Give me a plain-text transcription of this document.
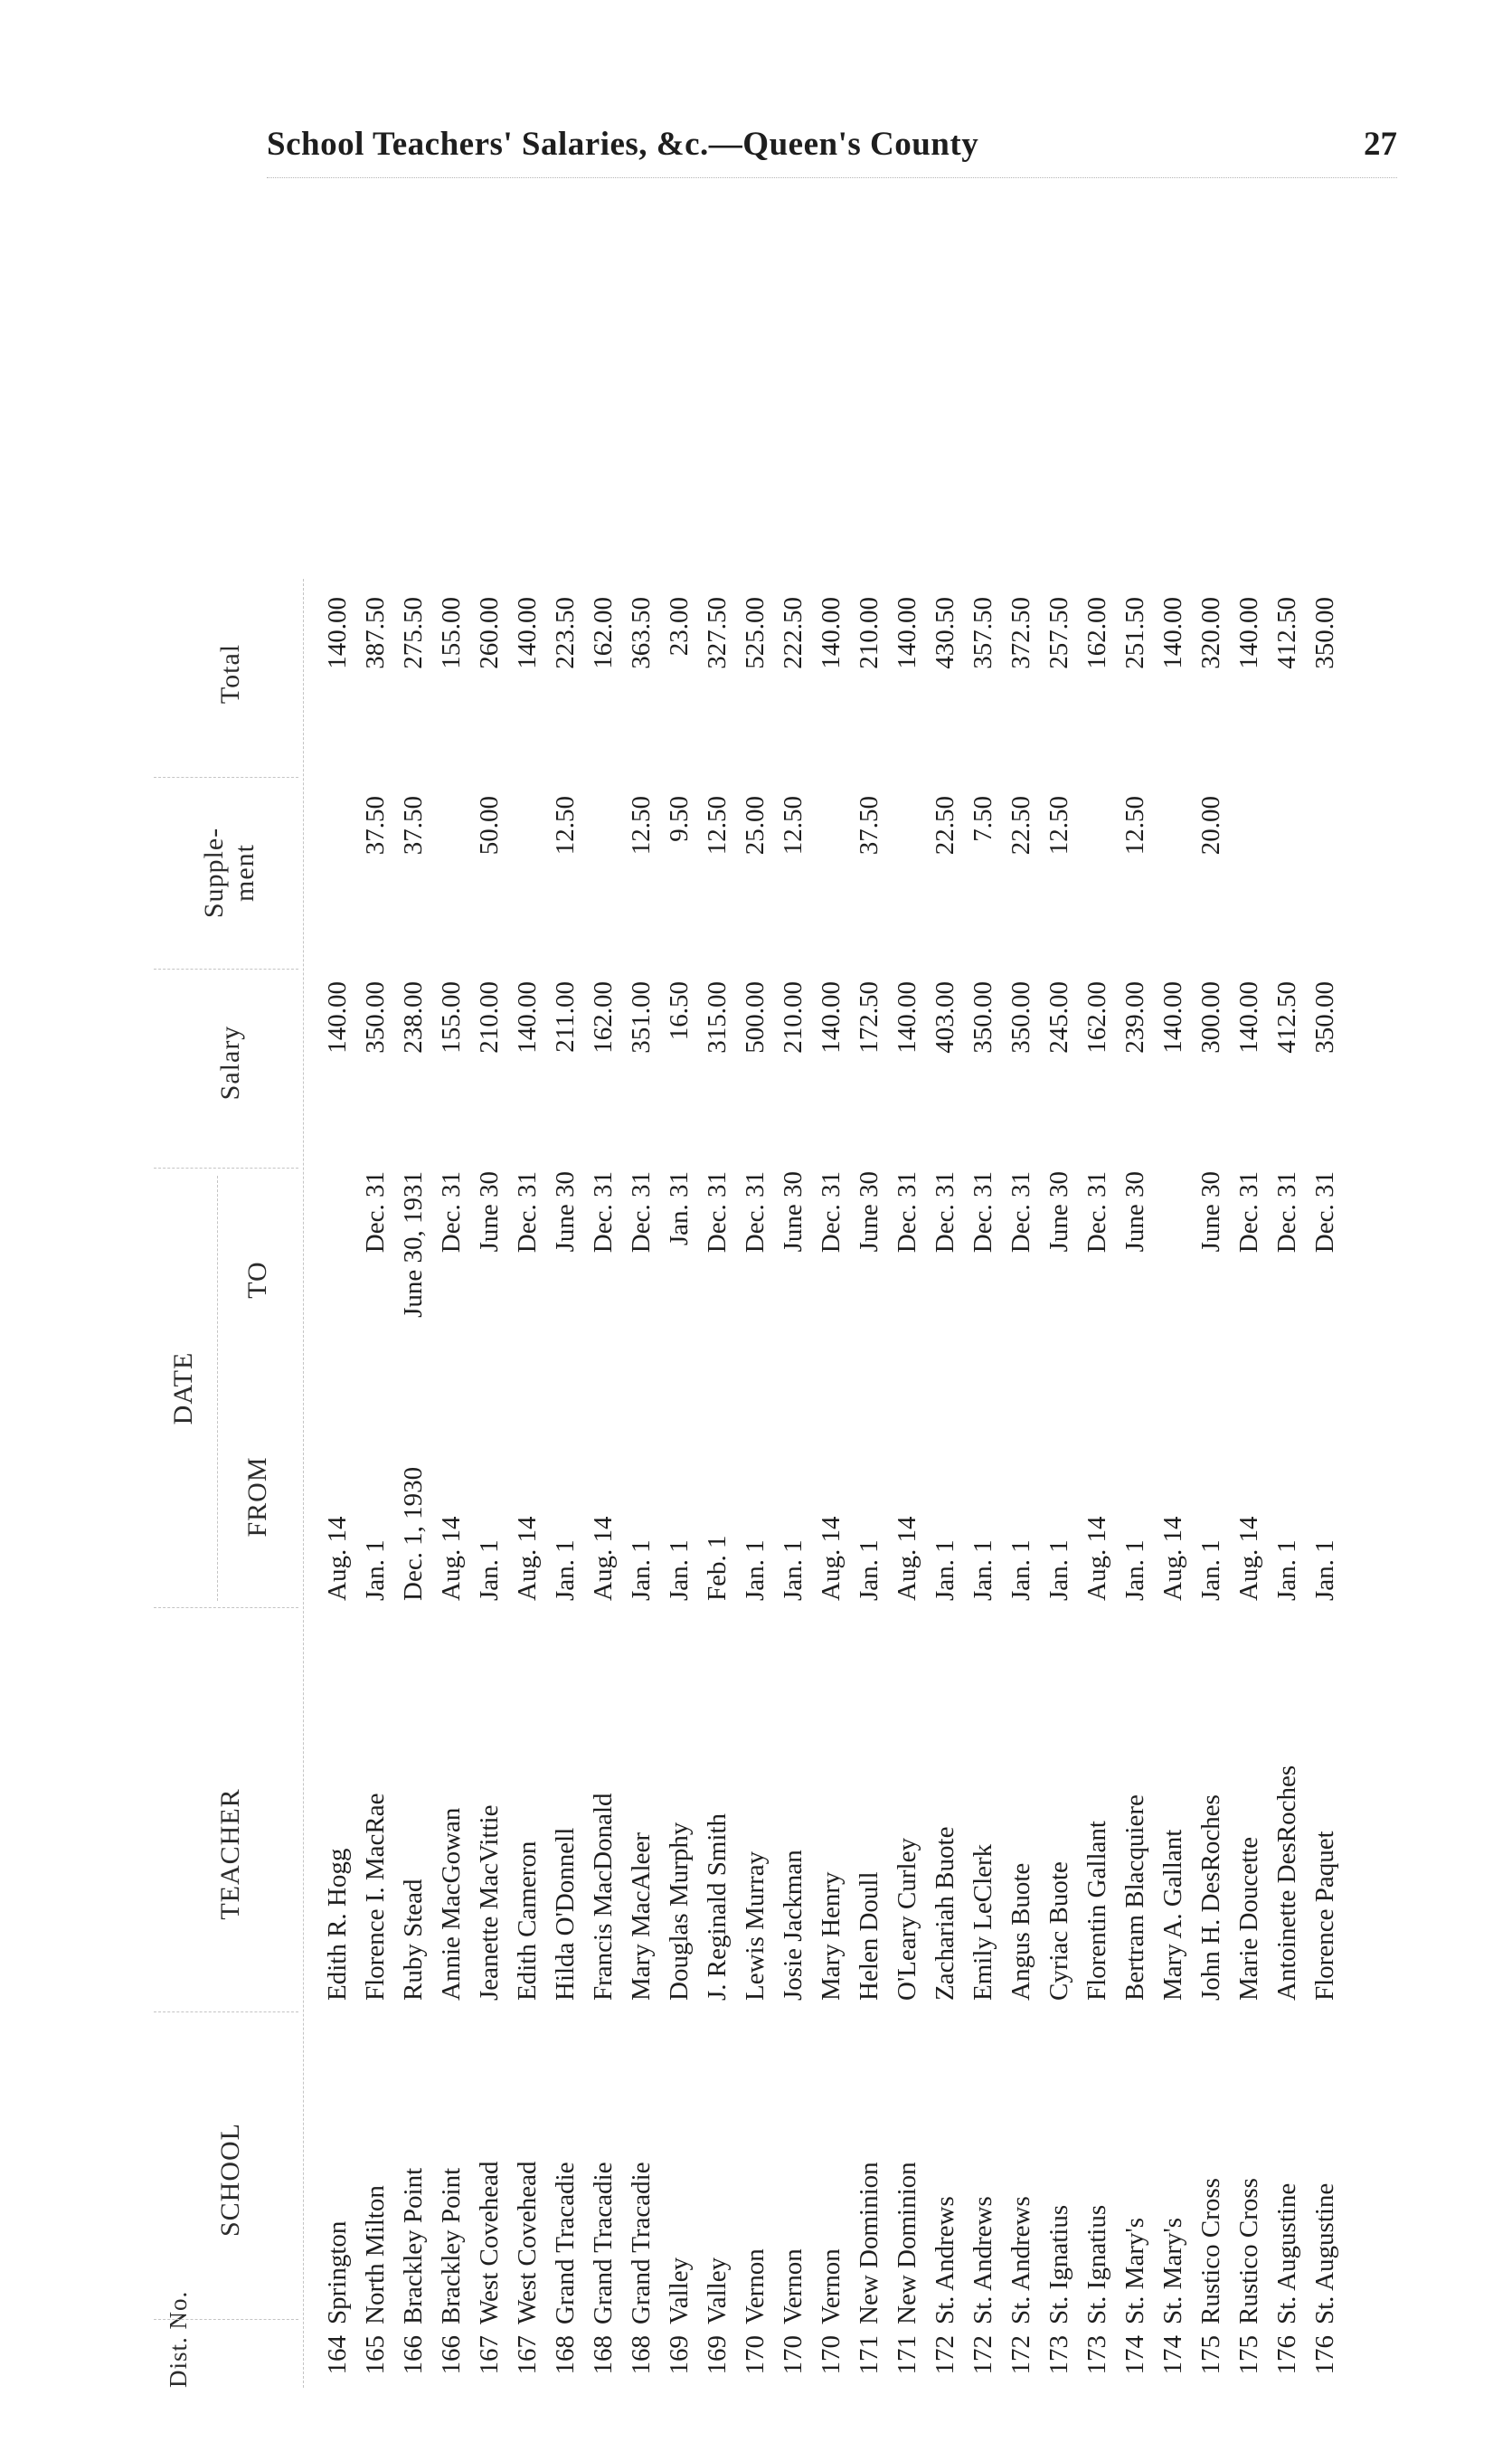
School Teachers' Salaries, &c.—Queen's County	27
Dist. No.
SCHOOL
TEACHER
DATE
FROM
TO
Salary
Supple- ment
Total
164
Springton
Edith R. Hogg
Aug. 14
140.00
140.00
165
North Milton
Florence I. MacRae
Jan. 1
Dec. 31
350.00
37.50
387.50
166
Brackley Point
Ruby Stead
Dec. 1, 1930
June 30, 1931
238.00
37.50
275.50
166
Brackley Point
Annie MacGowan
Aug. 14
Dec. 31
155.00
155.00
167
West Covehead
Jeanette MacVittie
Jan. 1
June 30
210.00
50.00
260.00
167
West Covehead
Edith Cameron
Aug. 14
Dec. 31
140.00
140.00
168
Grand Tracadie
Hilda O'Donnell
Jan. 1
June 30
211.00
12.50
223.50
168
Grand Tracadie
Francis MacDonald
Aug. 14
Dec. 31
162.00
162.00
168
Grand Tracadie
Mary MacAleer
Jan. 1
Dec. 31
351.00
12.50
363.50
169
Valley
Douglas Murphy
Jan. 1
Jan. 31
16.50
9.50
23.00
169
Valley
J. Reginald Smith
Feb. 1
Dec. 31
315.00
12.50
327.50
170
Vernon
Lewis Murray
Jan. 1
Dec. 31
500.00
25.00
525.00
170
Vernon
Josie Jackman
Jan. 1
June 30
210.00
12.50
222.50
170
Vernon
Mary Henry
Aug. 14
Dec. 31
140.00
140.00
171
New Dominion
Helen Doull
Jan. 1
June 30
172.50
37.50
210.00
171
New Dominion
O'Leary Curley
Aug. 14
Dec. 31
140.00
140.00
172
St. Andrews
Zachariah Buote
Jan. 1
Dec. 31
403.00
22.50
430.50
172
St. Andrews
Emily LeClerk
Jan. 1
Dec. 31
350.00
7.50
357.50
172
St. Andrews
Angus Buote
Jan. 1
Dec. 31
350.00
22.50
372.50
173
St. Ignatius
Cyriac Buote
Jan. 1
June 30
245.00
12.50
257.50
173
St. Ignatius
Florentin Gallant
Aug. 14
Dec. 31
162.00
162.00
174
St. Mary's
Bertram Blacquiere
Jan. 1
June 30
239.00
12.50
251.50
174
St. Mary's
Mary A. Gallant
Aug. 14
140.00
140.00
175
Rustico Cross
John H. DesRoches
Jan. 1
June 30
300.00
20.00
320.00
175
Rustico Cross
Marie Doucette
Aug. 14
Dec. 31
140.00
140.00
176
St. Augustine
Antoinette DesRoches
Jan. 1
Dec. 31
412.50
412.50
176
St. Augustine
Florence Paquet
Jan. 1
Dec. 31
350.00
350.00
